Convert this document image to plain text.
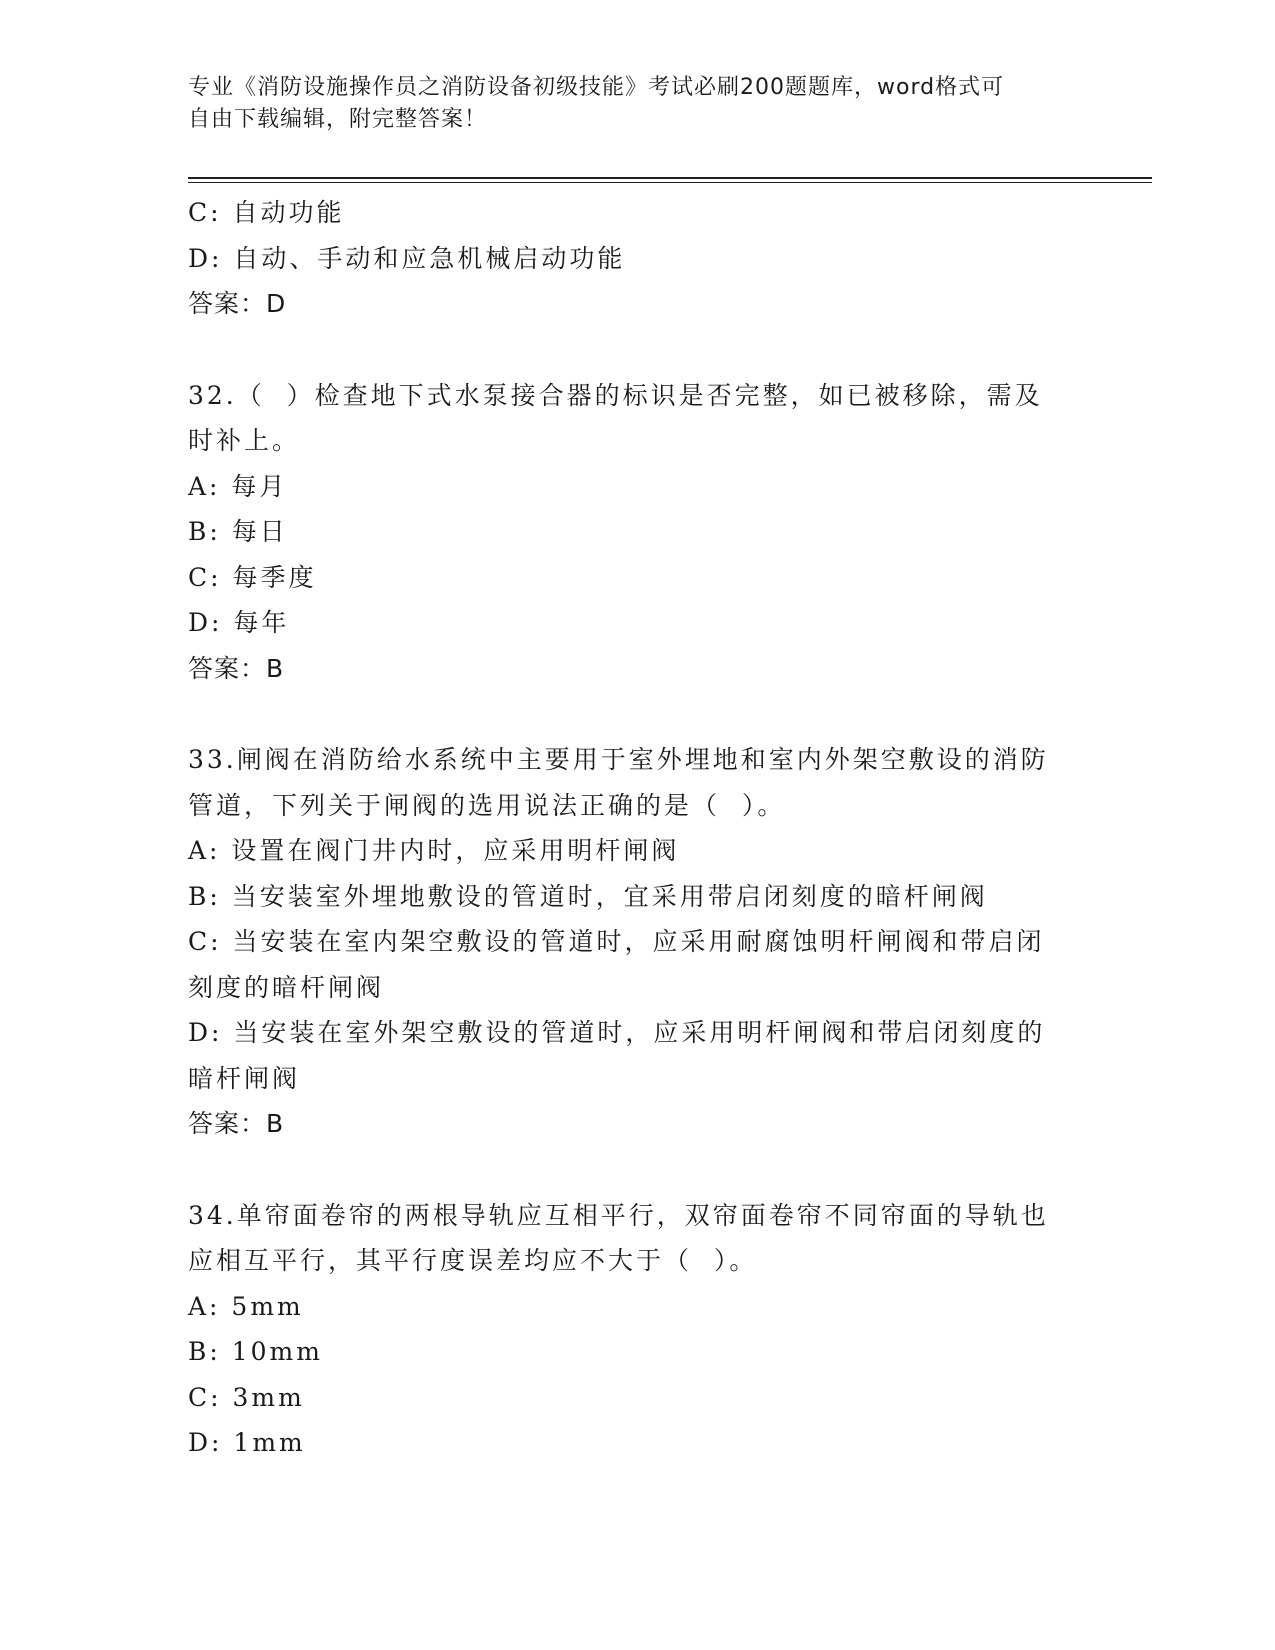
专业《消防设施操作员之消防设备初级技能》考试必刷200题题库，word格式可
自由下载编辑，附完整答案！

C: 自动功能

D: 自动、手动和应急机械启动功能

答案：D

32.（  ）检查地下式水泵接合器的标识是否完整，如已被移除，需及

时补上。

A: 每月

B: 每日

C: 每季度

D: 每年

答案：B

33.闸阀在消防给水系统中主要用于室外埋地和室内外架空敷设的消防

管道，下列关于闸阀的选用说法正确的是（  ）。

A: 设置在阀门井内时，应采用明杆闸阀

B: 当安装室外埋地敷设的管道时，宜采用带启闭刻度的暗杆闸阀

C: 当安装在室内架空敷设的管道时，应采用耐腐蚀明杆闸阀和带启闭

刻度的暗杆闸阀

D: 当安装在室外架空敷设的管道时，应采用明杆闸阀和带启闭刻度的

暗杆闸阀

答案：B

34.单帘面卷帘的两根导轨应互相平行，双帘面卷帘不同帘面的导轨也

应相互平行，其平行度误差均应不大于（  ）。

A: 5mm

B: 10mm

C: 3mm

D: 1mm
